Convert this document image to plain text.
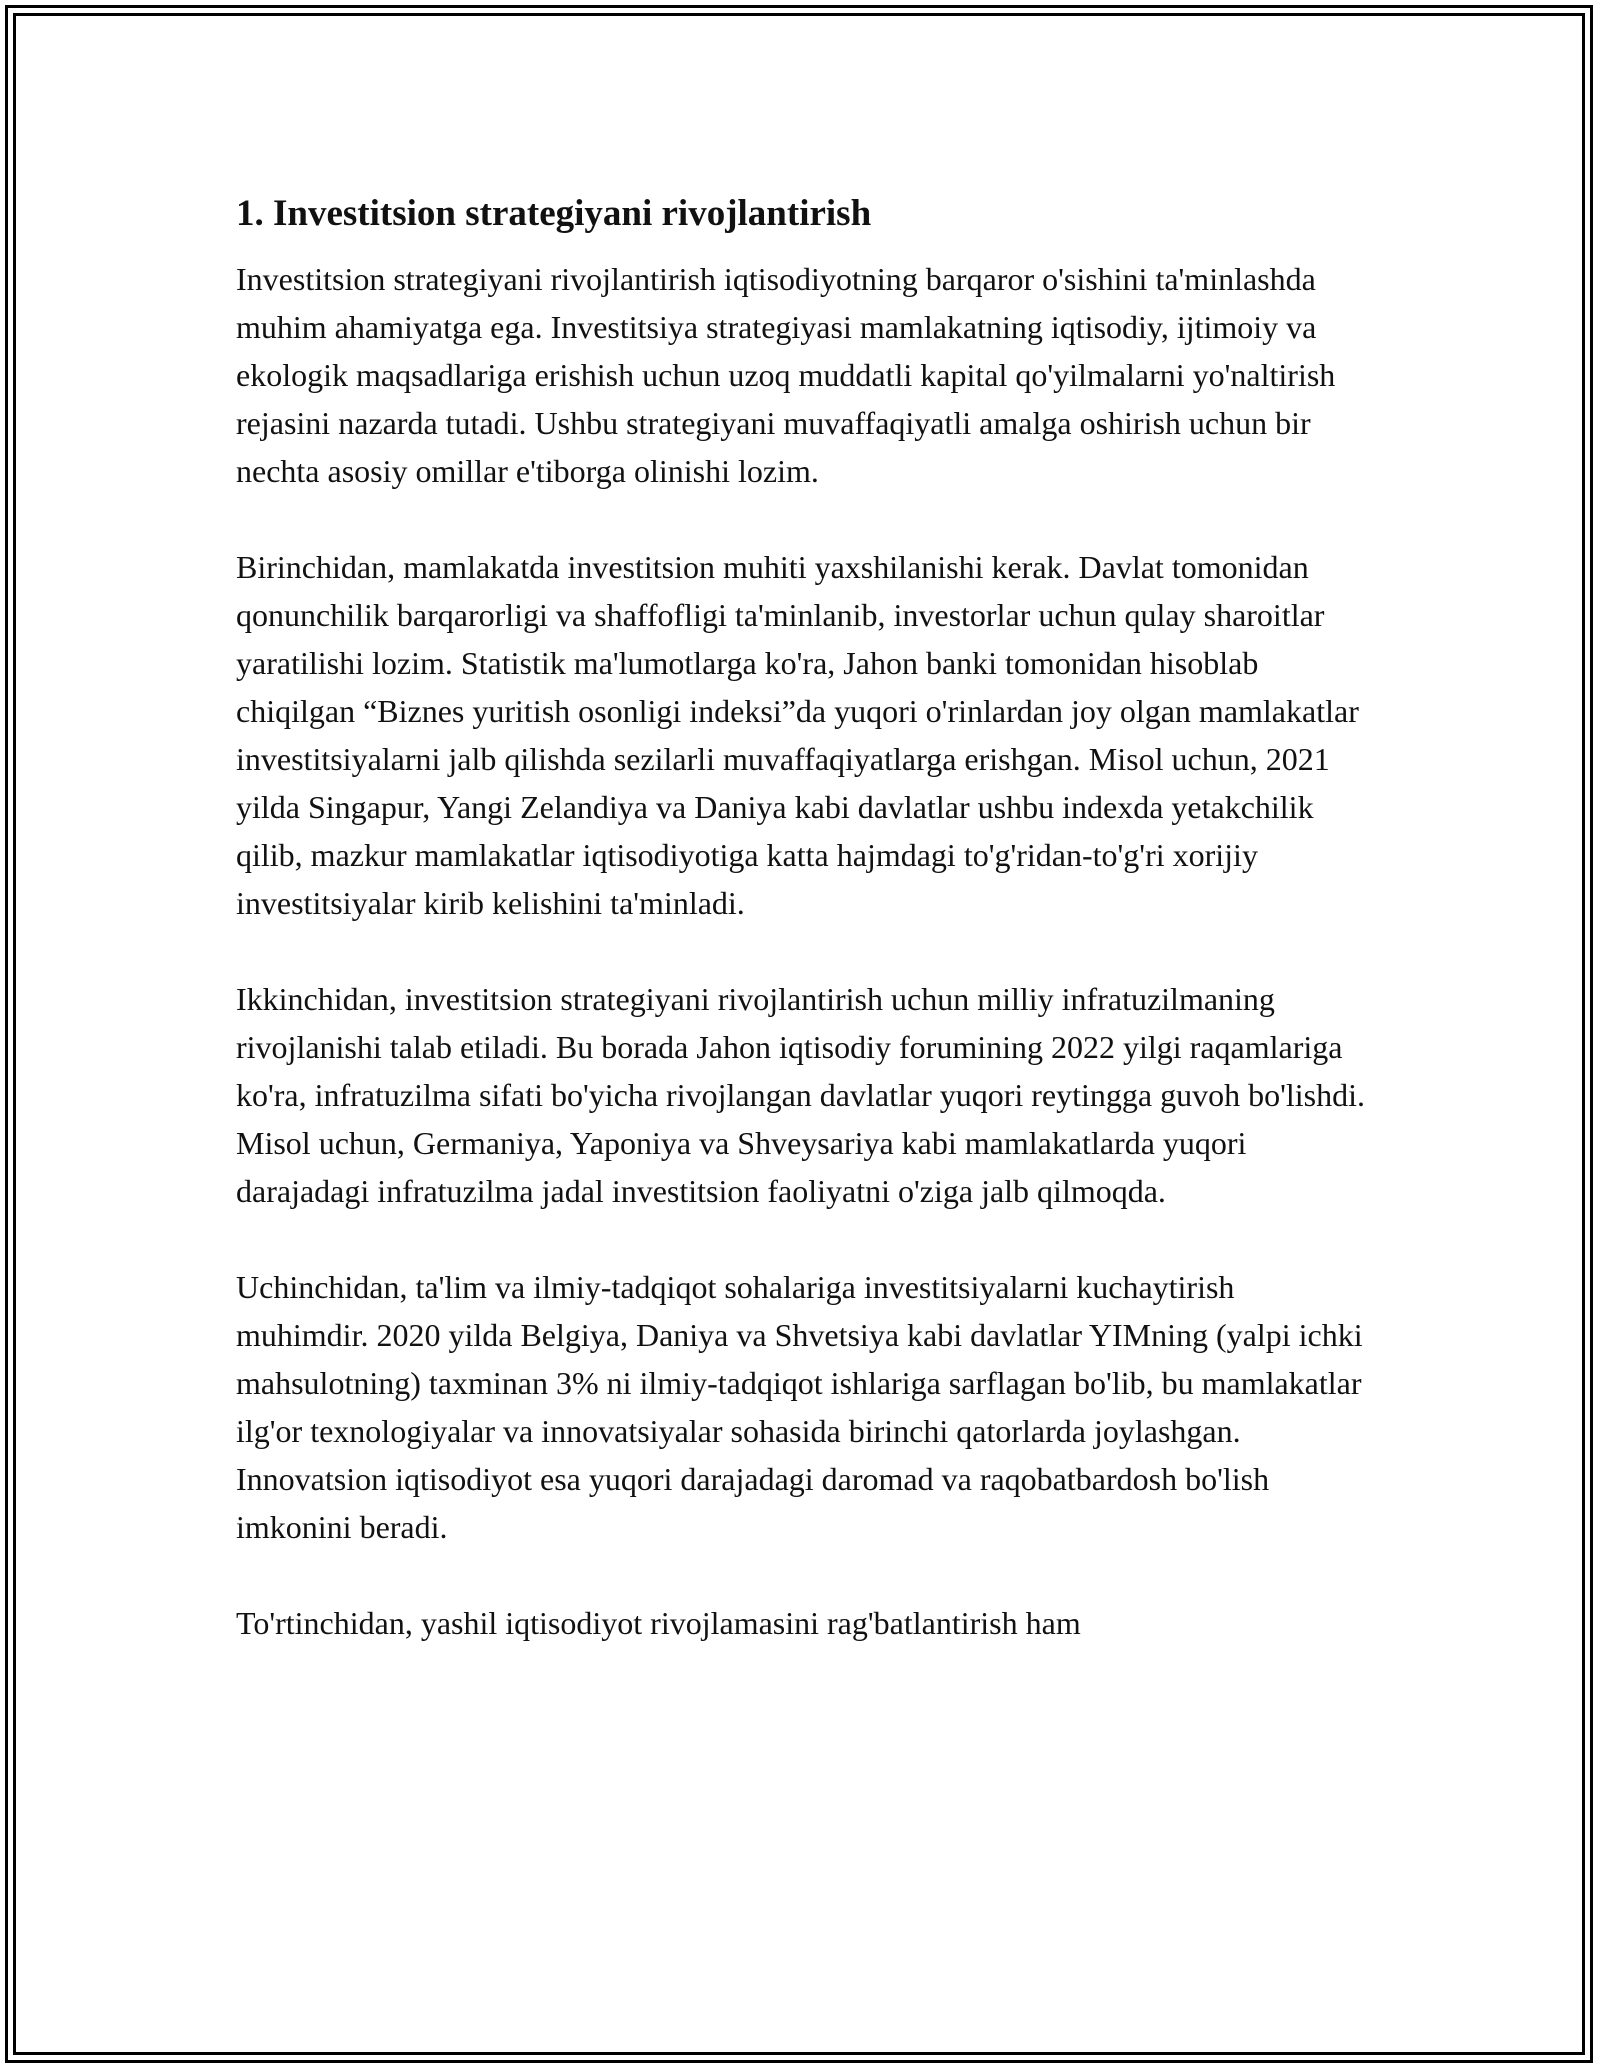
1. Investitsion strategiyani rivojlantirish

Investitsion strategiyani rivojlantirish iqtisodiyotning barqaror o'sishini ta'minlashda muhim ahamiyatga ega. Investitsiya strategiyasi mamlakatning iqtisodiy, ijtimoiy va ekologik maqsadlariga erishish uchun uzoq muddatli kapital qo'yilmalarni yo'naltirish rejasini nazarda tutadi. Ushbu strategiyani muvaffaqiyatli amalga oshirish uchun bir nechta asosiy omillar e'tiborga olinishi lozim.

Birinchidan, mamlakatda investitsion muhiti yaxshilanishi kerak. Davlat tomonidan qonunchilik barqarorligi va shaffofligi ta'minlanib, investorlar uchun qulay sharoitlar yaratilishi lozim. Statistik ma'lumotlarga ko'ra, Jahon banki tomonidan hisoblab chiqilgan “Biznes yuritish osonligi indeksi”da yuqori o'rinlardan joy olgan mamlakatlar investitsiyalarni jalb qilishda sezilarli muvaffaqiyatlarga erishgan. Misol uchun, 2021 yilda Singapur, Yangi Zelandiya va Daniya kabi davlatlar ushbu indexda yetakchilik qilib, mazkur mamlakatlar iqtisodiyotiga katta hajmdagi to'g'ridan-to'g'ri xorijiy investitsiyalar kirib kelishini ta'minladi.

Ikkinchidan, investitsion strategiyani rivojlantirish uchun milliy infratuzilmaning rivojlanishi talab etiladi. Bu borada Jahon iqtisodiy forumining 2022 yilgi raqamlariga ko'ra, infratuzilma sifati bo'yicha rivojlangan davlatlar yuqori reytingga guvoh bo'lishdi. Misol uchun, Germaniya, Yaponiya va Shveysariya kabi mamlakatlarda yuqori darajadagi infratuzilma jadal investitsion faoliyatni o'ziga jalb qilmoqda.

Uchinchidan, ta'lim va ilmiy-tadqiqot sohalariga investitsiyalarni kuchaytirish muhimdir. 2020 yilda Belgiya, Daniya va Shvetsiya kabi davlatlar YIMning (yalpi ichki mahsulotning) taxminan 3% ni ilmiy-tadqiqot ishlariga sarflagan bo'lib, bu mamlakatlar ilg'or texnologiyalar va innovatsiyalar sohasida birinchi qatorlarda joylashgan. Innovatsion iqtisodiyot esa yuqori darajadagi daromad va raqobatbardosh bo'lish imkonini beradi.

To'rtinchidan, yashil iqtisodiyot rivojlamasini rag'batlantirish ham
